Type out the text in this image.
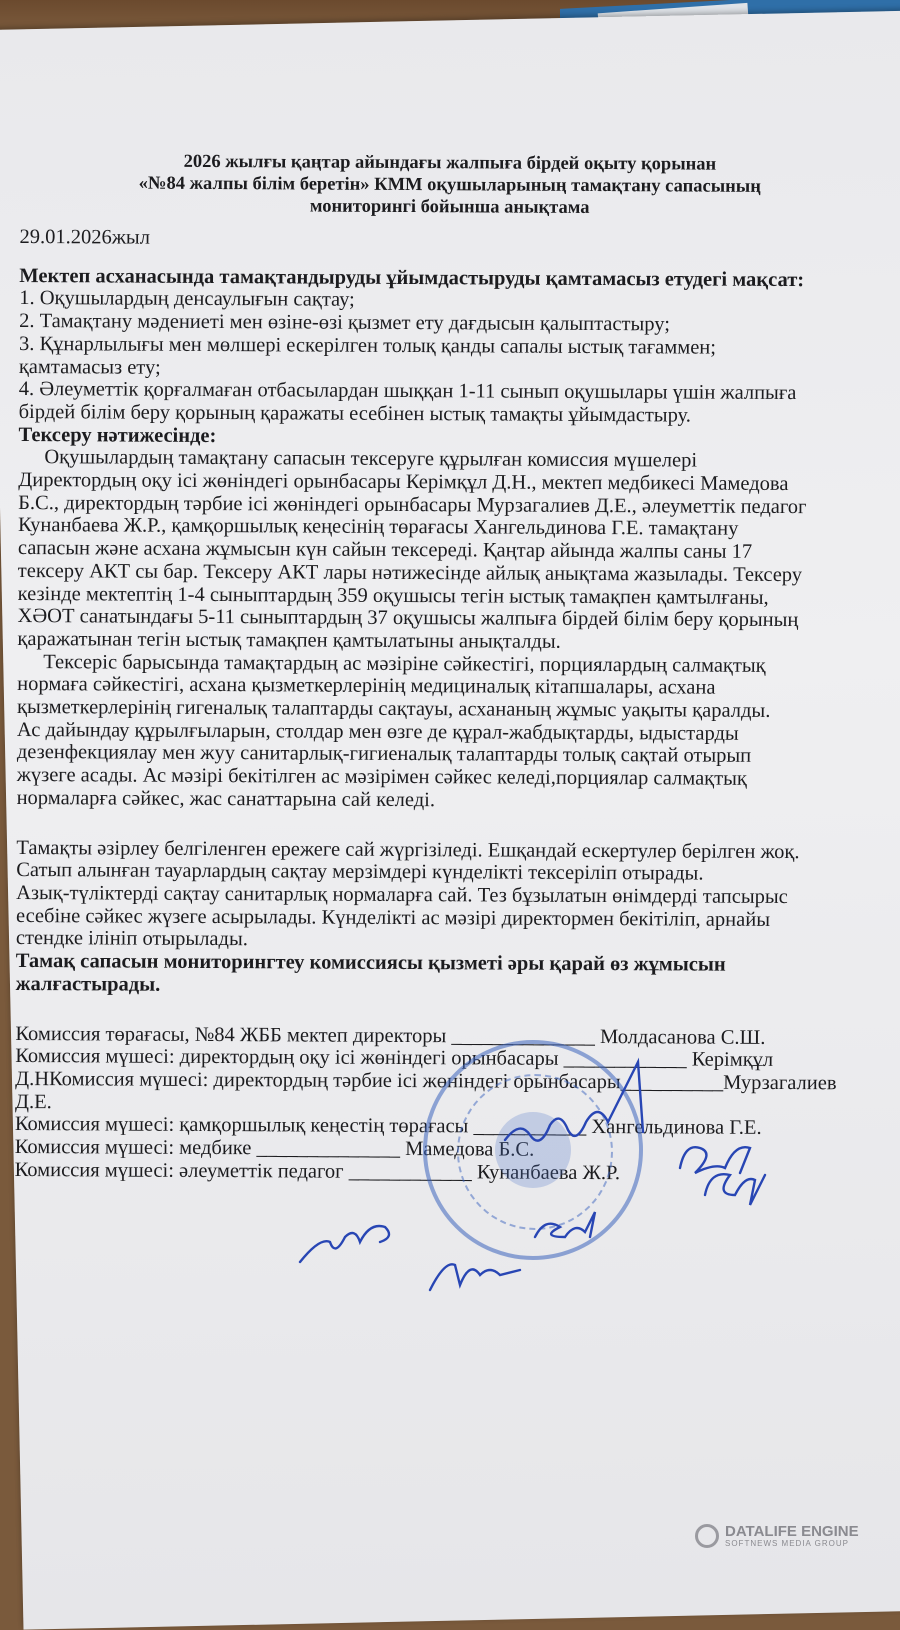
2026 жылғы қаңтар айындағы жалпыға бірдей оқыту қорынан
«№84 жалпы білім беретін» КММ оқушыларының тамақтану сапасының
мониторингі бойынша анықтама
29.01.2026жыл
Мектеп асханасында тамақтандыруды ұйымдастыруды қамтамасыз етудегі мақсат:
1. Оқушылардың денсаулығын сақтау;
2. Тамақтану мәдениеті мен өзіне-өзі қызмет ету дағдысын қалыптастыру;
3. Құнарлылығы мен мөлшері ескерілген толық қанды сапалы ыстық тағаммен;
қамтамасыз ету;
4. Әлеуметтік қорғалмаған отбасылардан шыққан 1-11 сынып оқушылары үшін жалпыға
бірдей білім беру қорының қаражаты есебінен ыстық тамақты ұйымдастыру.
Тексеру нәтижесінде:
Оқушылардың тамақтану сапасын тексеруге құрылған комиссия мүшелері
Директордың оқу ісі жөніндегі орынбасары Керімқұл Д.Н., мектеп медбикесі Мамедова
Б.С., директордың тәрбие ісі жөніндегі орынбасары Мурзагалиев Д.Е., әлеуметтік педагог
Кунанбаева Ж.Р., қамқоршылық кеңесінің төрағасы Хангельдинова Г.Е. тамақтану
сапасын және асхана жұмысын күн сайын тексереді. Қаңтар айында жалпы саны 17
тексеру АКТ сы бар. Тексеру АКТ лары нәтижесінде айлық анықтама жазылады. Тексеру
кезінде мектептің 1-4 сыныптардың 359 оқушысы тегін ыстық тамақпен қамтылғаны,
ХӘОТ санатындағы 5-11 сыныптардың 37 оқушысы жалпыға бірдей білім беру қорының
қаражатынан тегін ыстық тамақпен қамтылатыны анықталды.
Тексеріс барысында тамақтардың ас мәзіріне сәйкестігі, порциялардың салмақтық
нормаға сәйкестігі, асхана қызметкерлерінің медициналық кітапшалары, асхана
қызметкерлерінің гигеналық талаптарды сақтауы, асхананың жұмыс уақыты қаралды.
Ас дайындау құрылғыларын, столдар мен өзге де құрал-жабдықтарды, ыдыстарды
дезенфекциялау мен жуу санитарлық-гигиеналық талаптарды толық сақтай отырып
жүзеге асады. Ас мәзірі бекітілген ас мәзірімен сәйкес келеді,порциялар салмақтық
нормаларға сәйкес, жас санаттарына сай келеді.
Тамақты әзірлеу белгіленген ережеге сай жүргізіледі. Ешқандай ескертулер берілген жоқ.
Сатып алынған тауарлардың сақтау мерзімдері күнделікті тексеріліп отырады.
Азық-түліктерді сақтау санитарлық нормаларға сай. Тез бұзылатын өнімдерді тапсырыс
есебіне сәйкес жүзеге асырылады. Күнделікті ас мәзірі директормен бекітіліп, арнайы
стендке ілініп отырылады.
Тамақ сапасын мониторингтеу комиссиясы қызметі әры қарай өз жұмысын
жалғастырады.
Комиссия төрағасы, №84 ЖББ мектеп директоры ______________ Молдасанова С.Ш.
Комиссия мүшесі: директордың оқу ісі жөніндегі орынбасары ____________ Керімқұл
Д.НКомиссия мүшесі: директордың тәрбие ісі жөніндегі орынбасары__________Мурзагалиев
Д.Е.
Комиссия мүшесі: қамқоршылық кеңестің төрағасы ___________ Хангельдинова Г.Е.
Комиссия мүшесі: медбике ______________ Мамедова Б.С.
Комиссия мүшесі: әлеуметтік педагог ____________ Кунанбаева Ж.Р.
DATALIFE ENGINE
SOFTNEWS MEDIA GROUP
